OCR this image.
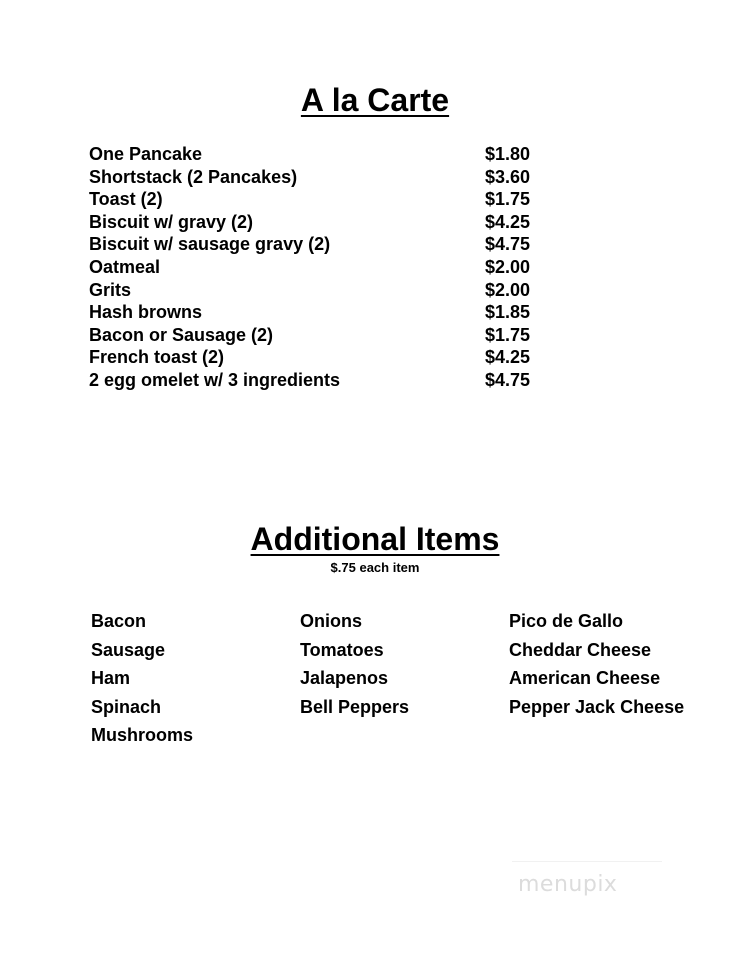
A la Carte
One Pancake	$1.80
Shortstack (2 Pancakes)	$3.60
Toast (2)	$1.75
Biscuit w/ gravy (2)	$4.25
Biscuit w/ sausage gravy (2)	$4.75
Oatmeal	$2.00
Grits	$2.00
Hash browns	$1.85
Bacon or Sausage (2)	$1.75
French toast (2)	$4.25
2 egg omelet w/ 3 ingredients	$4.75
Additional Items

$.75 each item

Bacon
Sausage
Ham
Spinach
Mushrooms
Onions
Tomatoes
Jalapenos
Bell Peppers
Pico de Gallo
Cheddar Cheese
American Cheese
Pepper Jack Cheese
menupix
